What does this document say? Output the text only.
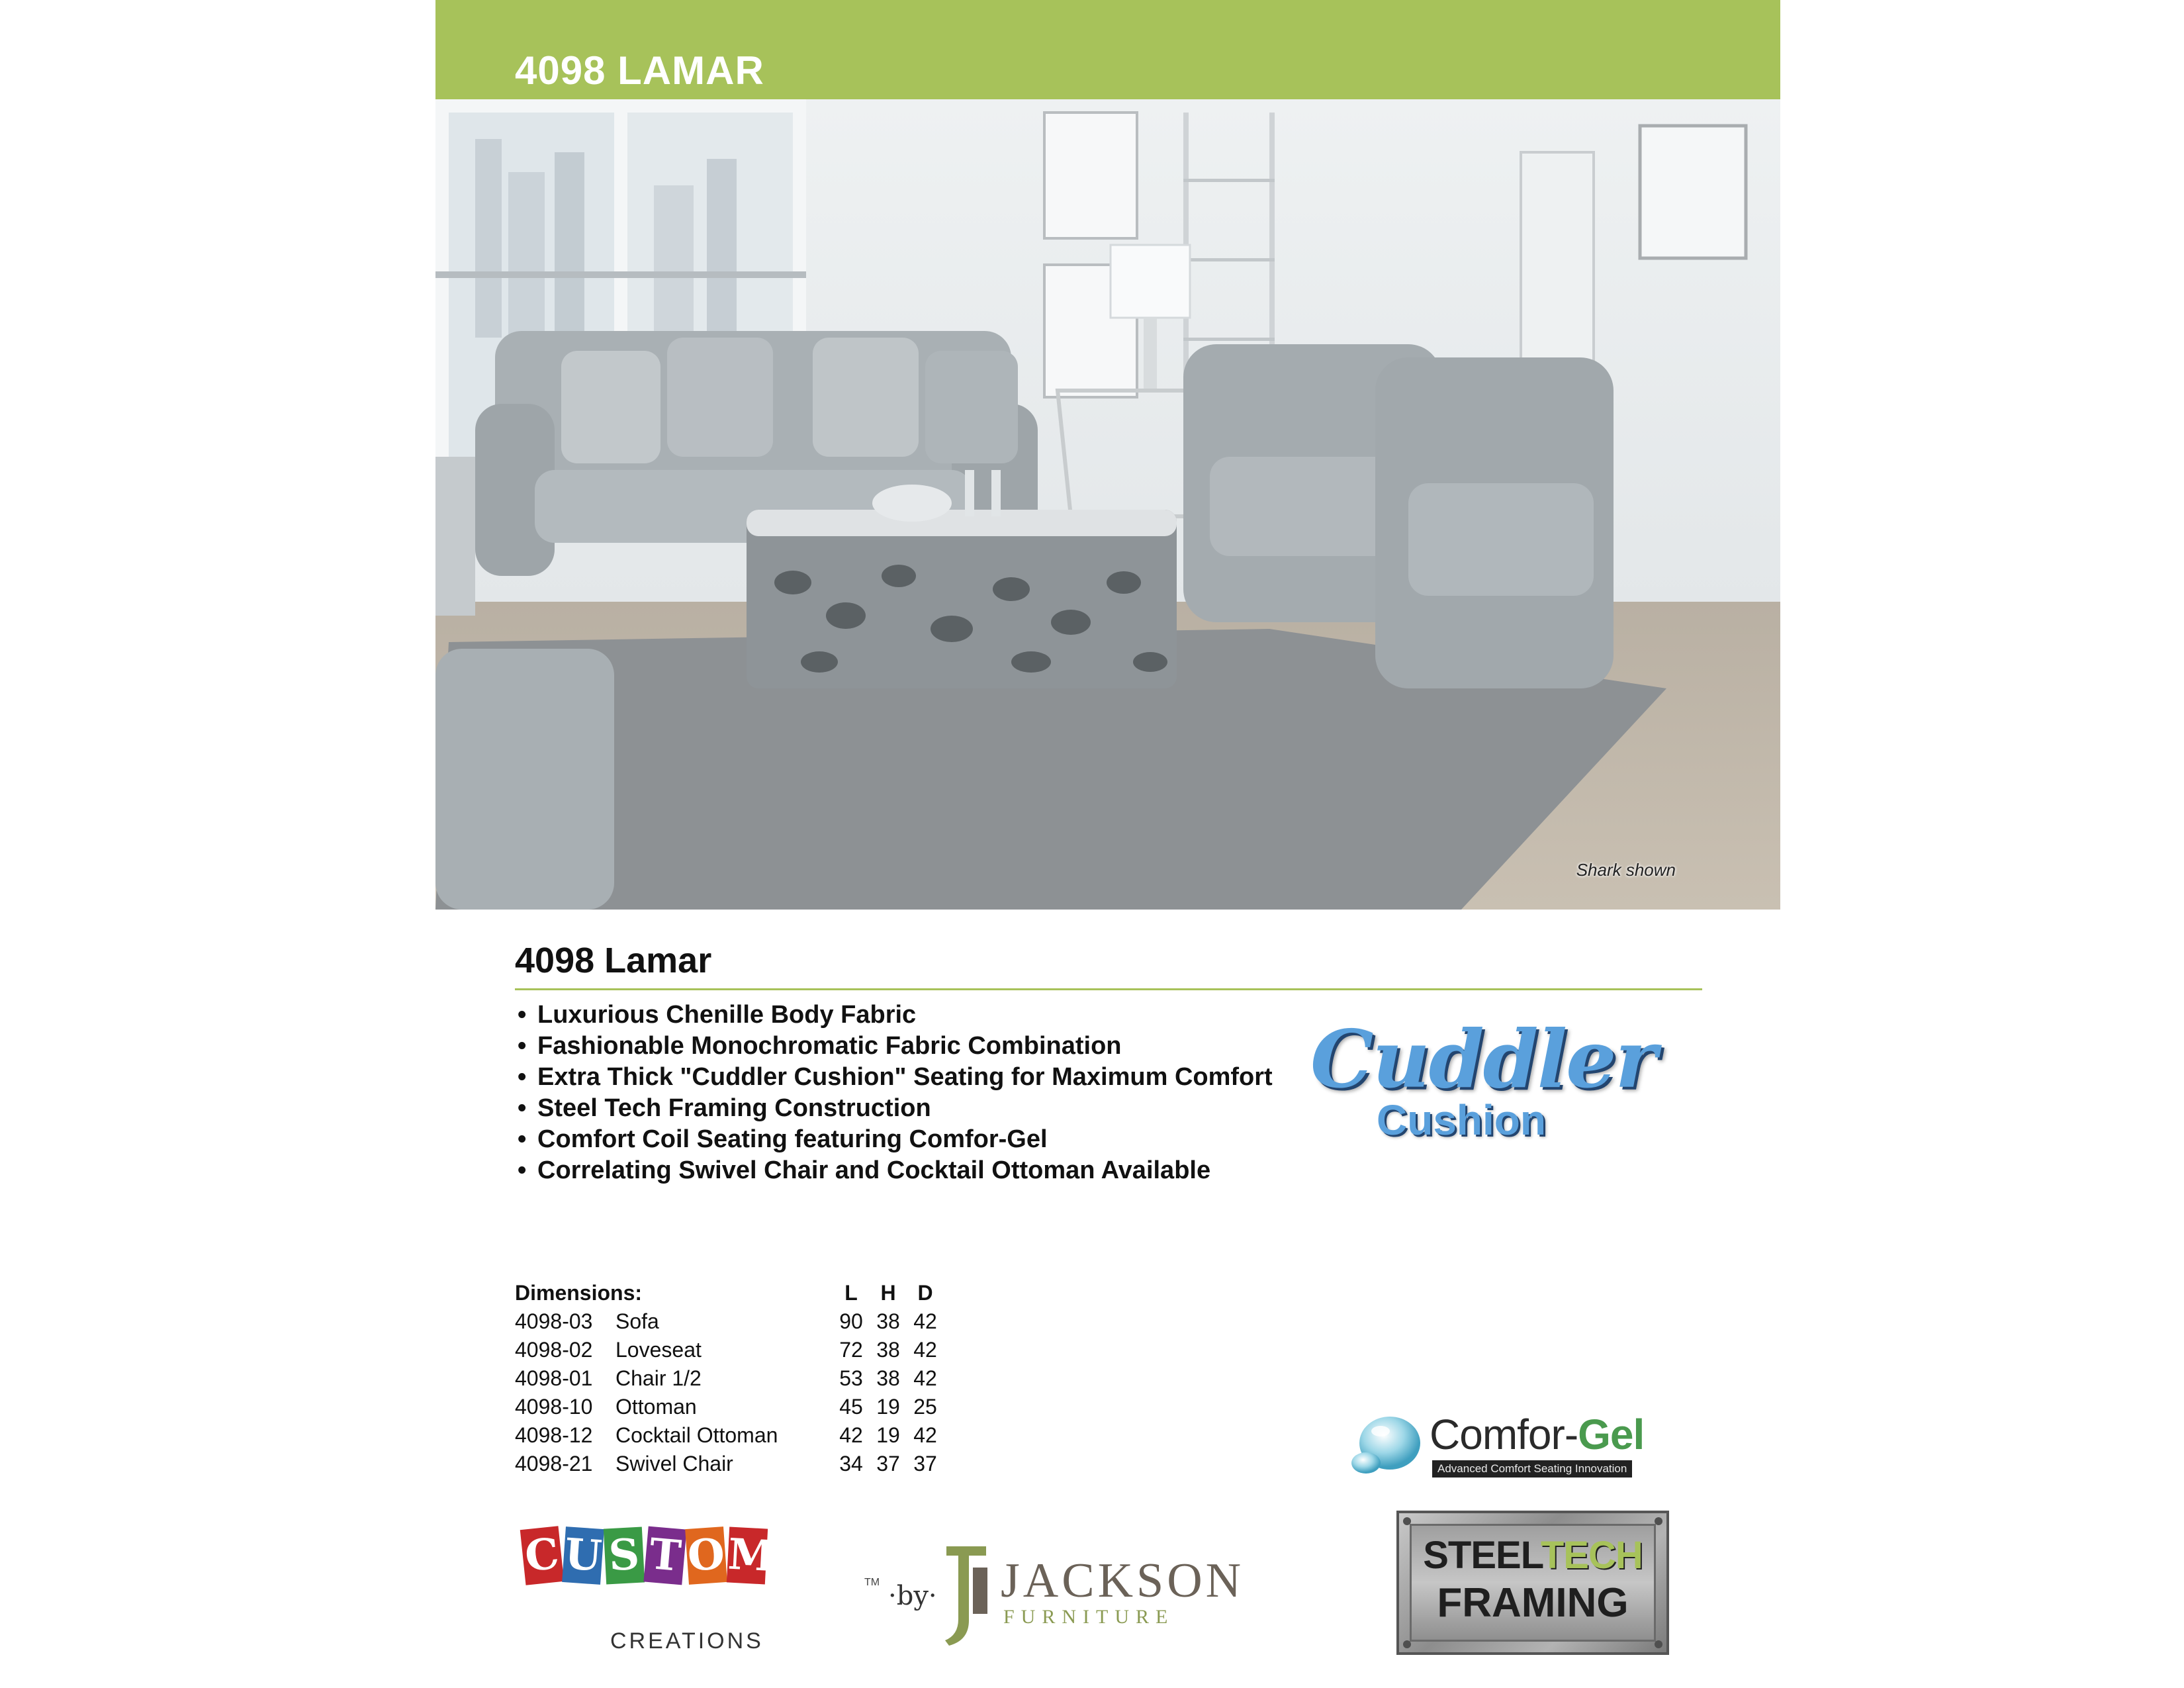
4098 LAMAR
Shark shown
4098 Lamar
• Luxurious Chenille Body Fabric
• Fashionable Monochromatic Fabric Combination
• Extra Thick "Cuddler Cushion" Seating for Maximum Comfort
• Steel Tech Framing Construction
• Comfort Coil Seating featuring Comfor-Gel
• Correlating Swivel Chair and Cocktail Ottoman Available
Cuddler
Cushion
Dimensions:		L	H	D
4098-03	Sofa	90	38	42
4098-02	Loveseat	72	38	42
4098-01	Chair 1/2	53	38	42
4098-10	Ottoman	45	19	25
4098-12	Cocktail Ottoman	42	19	42
4098-21	Swivel Chair	34	37	37
Comfor-Gel
Advanced Comfort Seating Innovation
C U S T O M
TM
CREATIONS
·by· JACKSON
FURNITURE
STEELTECH
FRAMING
